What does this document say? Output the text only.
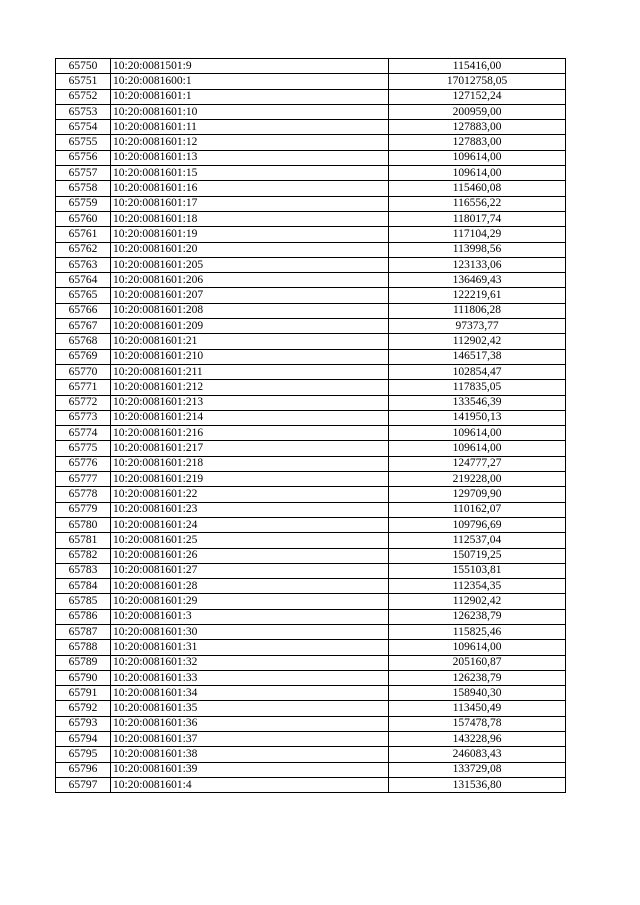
65750	10:20:0081501:9	115416,00
65751	10:20:0081600:1	17012758,05
65752	10:20:0081601:1	127152,24
65753	10:20:0081601:10	200959,00
65754	10:20:0081601:11	127883,00
65755	10:20:0081601:12	127883,00
65756	10:20:0081601:13	109614,00
65757	10:20:0081601:15	109614,00
65758	10:20:0081601:16	115460,08
65759	10:20:0081601:17	116556,22
65760	10:20:0081601:18	118017,74
65761	10:20:0081601:19	117104,29
65762	10:20:0081601:20	113998,56
65763	10:20:0081601:205	123133,06
65764	10:20:0081601:206	136469,43
65765	10:20:0081601:207	122219,61
65766	10:20:0081601:208	111806,28
65767	10:20:0081601:209	97373,77
65768	10:20:0081601:21	112902,42
65769	10:20:0081601:210	146517,38
65770	10:20:0081601:211	102854,47
65771	10:20:0081601:212	117835,05
65772	10:20:0081601:213	133546,39
65773	10:20:0081601:214	141950,13
65774	10:20:0081601:216	109614,00
65775	10:20:0081601:217	109614,00
65776	10:20:0081601:218	124777,27
65777	10:20:0081601:219	219228,00
65778	10:20:0081601:22	129709,90
65779	10:20:0081601:23	110162,07
65780	10:20:0081601:24	109796,69
65781	10:20:0081601:25	112537,04
65782	10:20:0081601:26	150719,25
65783	10:20:0081601:27	155103,81
65784	10:20:0081601:28	112354,35
65785	10:20:0081601:29	112902,42
65786	10:20:0081601:3	126238,79
65787	10:20:0081601:30	115825,46
65788	10:20:0081601:31	109614,00
65789	10:20:0081601:32	205160,87
65790	10:20:0081601:33	126238,79
65791	10:20:0081601:34	158940,30
65792	10:20:0081601:35	113450,49
65793	10:20:0081601:36	157478,78
65794	10:20:0081601:37	143228,96
65795	10:20:0081601:38	246083,43
65796	10:20:0081601:39	133729,08
65797	10:20:0081601:4	131536,80
